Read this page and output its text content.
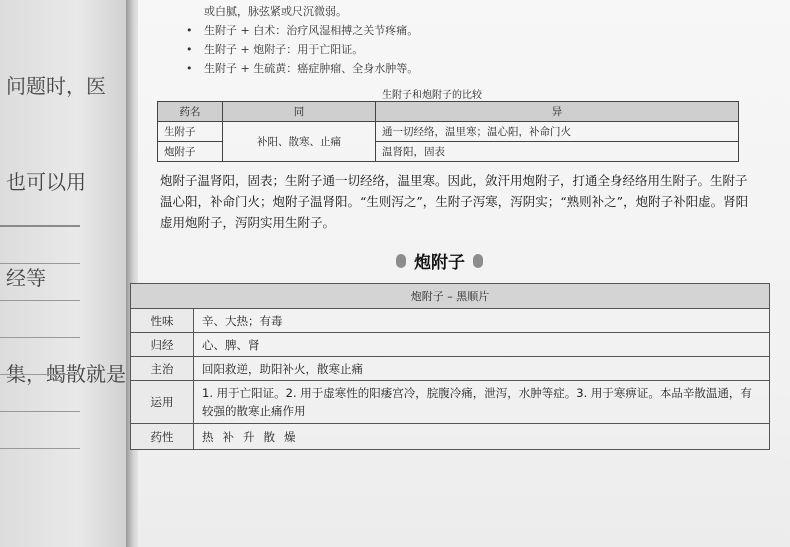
问题时，医

也可以用

经等

集，蝎散就是

或白腻，脉弦紧或尺沉微弱。
•	生附子 + 白术：治疗风湿相搏之关节疼痛。
•	生附子 + 炮附子：用于亡阳证。
•	生附子 + 生硫黄：癌症肿瘤、全身水肿等。
生附子和炮附子的比较
药名	同	异
生附子	补阳、散寒、止痛	通一切经络，温里寒；温心阳，补命门火
炮附子		温肾阳，固表
炮附子温肾阳，固表；生附子通一切经络，温里寒。因此，敛汗用炮附子，打通全身经络用生附子。生附子温心阳，补命门火；炮附子温肾阳。“生则泻之”，生附子泻寒，泻阴实；“熟则补之”，炮附子补阳虚。肾阳虚用炮附子，泻阴实用生附子。
炮附子
炮附子 – 黑顺片	
性味	辛、大热；有毒
归经	心、脾、肾
主治	回阳救逆，助阳补火，散寒止痛
运用	1. 用于亡阳证。2. 用于虚寒性的阳痿宫冷，脘腹冷痛，泄泻，水肿等症。3. 用于寒痹证。本品辛散温通，有较强的散寒止痛作用
药性	热补升散燥
